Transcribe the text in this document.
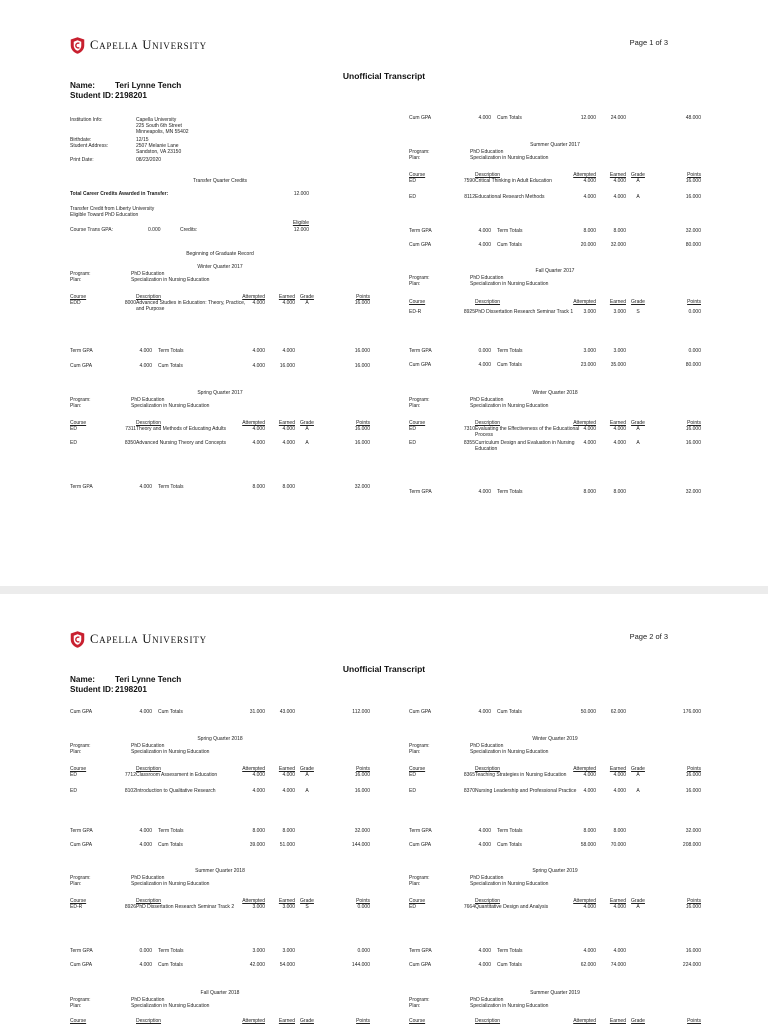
Capella University	Page 1 of 3
Unofficial Transcript
Name: Teri Lynne Tench
Student ID:2198201
Institution Info:	Capella University
225 South 6th Street
Minneapolis, MN 55402
Birthdate:	12/15
Student Address:	2507 Melanie Lane
Sandston, VA 23150
Print Date:	08/23/2020
Transfer Quarter Credits
Total Career Credits Awarded in Transfer:	12.000
Transfer Credit from Liberty University
Eligible Toward PhD Education
Eligible
Course Trans GPA:	0.000	Credits:	12.000
Beginning of Graduate Record
Winter Quarter 2017
Program:	PhD Education
Plan:	Specialization in Nursing Education
Course	Description	Attempted	Earned	Grade	Points
EDD	8000 Advanced Studies in Education: Theory, Practice, and Purpose
4.000	4.000	A	16.000
Term GPA	4.000 Term Totals	4.000	4.000	16.000
Cum GPA	4.000 Cum Totals	4.000	16.000	16.000
Spring Quarter 2017
Program:	PhD Education
Plan:	Specialization in Nursing Education
Course	Description	Attempted	Earned	Grade	Points
ED	7311 Theory and Methods of Educating Adults	4.000	4.000	A	16.000
ED	8350 Advanced Nursing Theory and Concepts	4.000	4.000	A	16.000
Term GPA	4.000 Term Totals	8.000	8.000	32.000
Cum GPA	4.000 Cum Totals	12.000	24.000	48.000
Summer Quarter 2017
Program:	PhD Education
Plan:	Specialization in Nursing Education
Course	Description	Attempted	Earned	Grade	Points
ED	7590 Critical Thinking in Adult Education	4.000	4.000	A	16.000
ED	8112 Educational Research Methods	4.000	4.000	A	16.000
Term GPA	4.000 Term Totals	8.000	8.000	32.000
Cum GPA	4.000 Cum Totals	20.000	32.000	80.000
Fall Quarter 2017
Program:	PhD Education
Plan:	Specialization in Nursing Education
Course	Description	Attempted	Earned	Grade	Points
ED-R	8925 PhD Dissertation Research Seminar Track 1	3.000	3.000	S	0.000
Term GPA	0.000 Term Totals	3.000	3.000	0.000
Cum GPA	4.000 Cum Totals	23.000	35.000	80.000
Winter Quarter 2018
Program:	PhD Education
Plan:	Specialization in Nursing Education
Course	Description	Attempted	Earned	Grade	Points
ED	7310 Evaluating the Effectiveness of the Educational Process
4.000	4.000	A	16.000
ED	8355 Curriculum Design and Evaluation in Nursing Education
4.000	4.000	A	16.000
Term GPA	4.000 Term Totals	8.000	8.000	32.000
Capella University	Page 2 of 3
Unofficial Transcript
Name: Teri Lynne Tench
Student ID:2198201
Cum GPA	4.000 Cum Totals	31.000	43.000	112.000
Spring Quarter 2018
Program:	PhD Education
Plan:	Specialization in Nursing Education
Course	Description	Attempted	Earned	Grade	Points
ED	7712 Classroom Assessment in Education	4.000	4.000	A	16.000
ED	8102 Introduction to Qualitative Research	4.000	4.000	A	16.000
Term GPA	4.000 Term Totals	8.000	8.000	32.000
Cum GPA	4.000 Cum Totals	39.000	51.000	144.000
Summer Quarter 2018
Program:	PhD Education
Plan:	Specialization in Nursing Education
Course	Description	Attempted	Earned	Grade	Points
ED-R	8926 PhD Dissertation Research Seminar Track 2	3.000	3.000	S	0.000
Term GPA	0.000 Term Totals	3.000	3.000	0.000
Cum GPA	4.000 Cum Totals	42.000	54.000	144.000
Fall Quarter 2018
Program:	PhD Education
Plan:	Specialization in Nursing Education
Course	Description	Attempted	Earned	Grade	Points
Cum GPA	4.000 Cum Totals	50.000	62.000	176.000
Winter Quarter 2019
Program:	PhD Education
Plan:	Specialization in Nursing Education
Course	Description	Attempted	Earned	Grade	Points
ED	8365 Teaching Strategies in Nursing Education	4.000	4.000	A	16.000
ED	8370 Nursing Leadership and Professional Practice	4.000	4.000	A	16.000
Term GPA	4.000 Term Totals	8.000	8.000	32.000
Cum GPA	4.000 Cum Totals	58.000	70.000	208.000
Spring Quarter 2019
Program:	PhD Education
Plan:	Specialization in Nursing Education
Course	Description	Attempted	Earned	Grade	Points
ED	7664 Quantitative Design and Analysis	4.000	4.000	A	16.000
Term GPA	4.000 Term Totals	4.000	4.000	16.000
Cum GPA	4.000 Cum Totals	62.000	74.000	224.000
Summer Quarter 2019
Program:	PhD Education
Plan:	Specialization in Nursing Education
Course	Description	Attempted	Earned	Grade	Points
